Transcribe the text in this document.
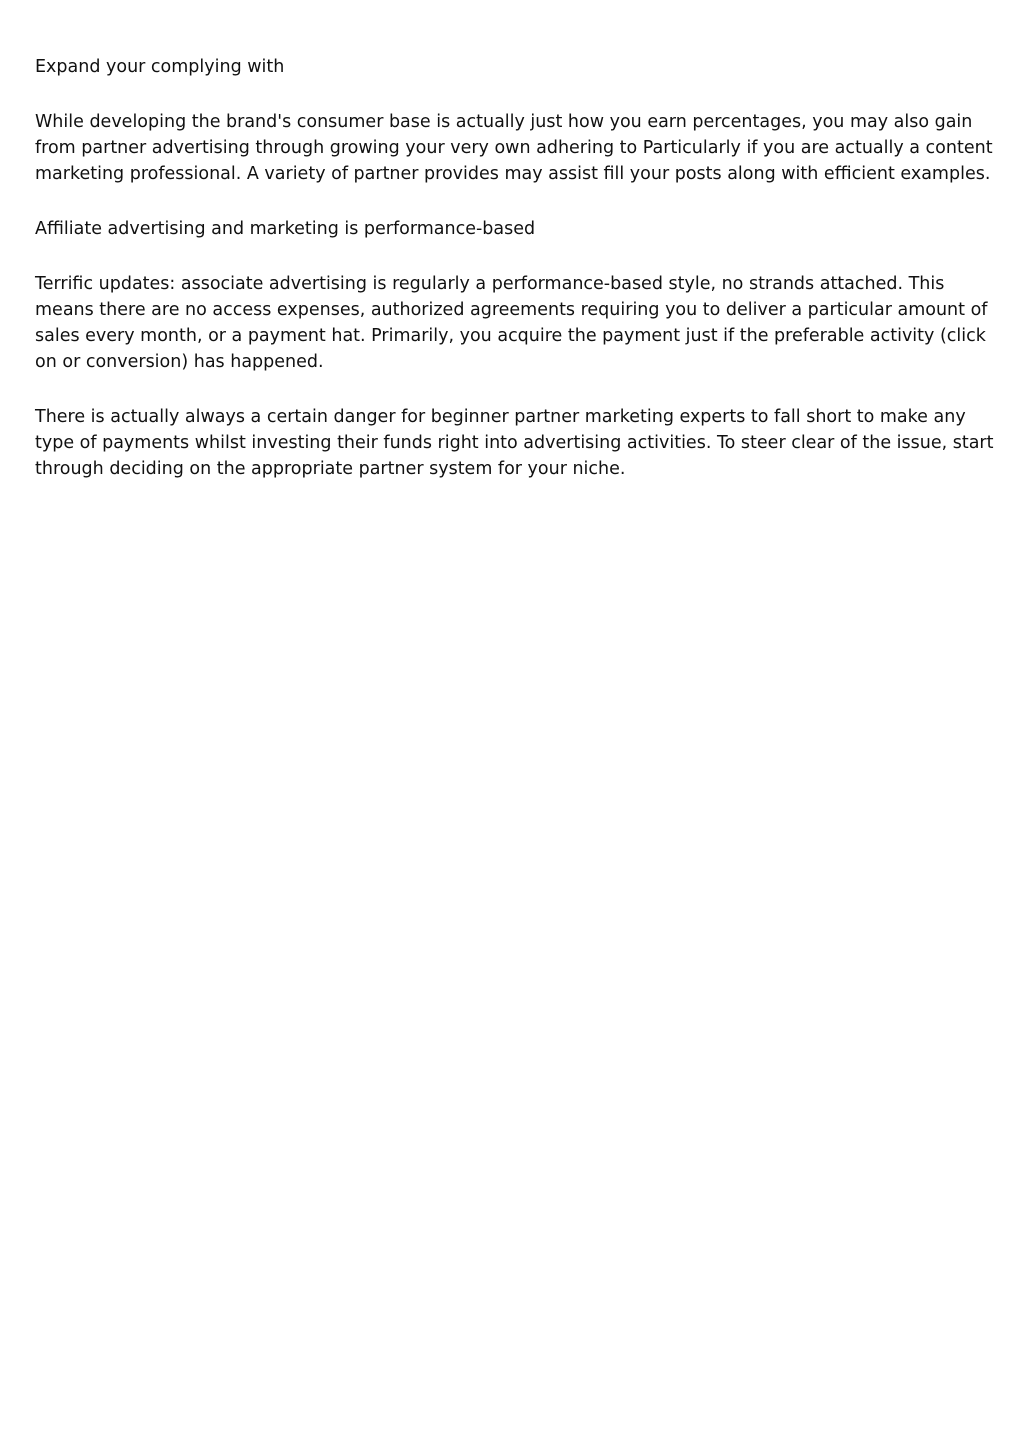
Expand your complying with

While developing the brand's consumer base is actually just how you earn percentages, you may also gain from partner advertising through growing your very own adhering to Particularly if you are actually a content marketing professional. A variety of partner provides may assist fill your posts along with efficient examples.

Affiliate advertising and marketing is performance-based

Terrific updates: associate advertising is regularly a performance-based style, no strands attached. This means there are no access expenses, authorized agreements requiring you to deliver a particular amount of sales every month, or a payment hat. Primarily, you acquire the payment just if the preferable activity (click on or conversion) has happened.

There is actually always a certain danger for beginner partner marketing experts to fall short to make any type of payments whilst investing their funds right into advertising activities. To steer clear of the issue, start through deciding on the appropriate partner system for your niche.
